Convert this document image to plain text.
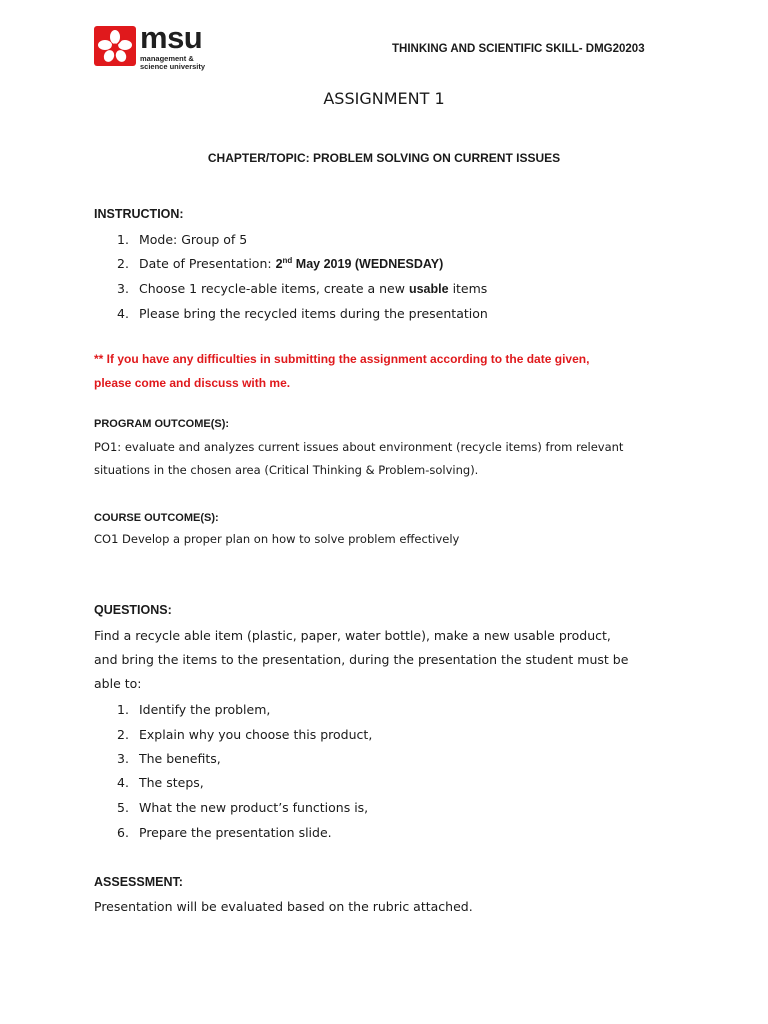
msu
management &
science university
THINKING AND SCIENTIFIC SKILL- DMG20203
ASSIGNMENT 1
CHAPTER/TOPIC: PROBLEM SOLVING ON CURRENT ISSUES
INSTRUCTION:
1. Mode: Group of 5
2. Date of Presentation: 2nd May 2019 (WEDNESDAY)
3. Choose 1 recycle-able items, create a new usable items
4. Please bring the recycled items during the presentation
** If you have any difficulties in submitting the assignment according to the date given,
please come and discuss with me.
PROGRAM OUTCOME(S):
PO1: evaluate and analyzes current issues about environment (recycle items) from relevant
situations in the chosen area (Critical Thinking & Problem-solving).
COURSE OUTCOME(S):
CO1 Develop a proper plan on how to solve problem effectively
QUESTIONS:
Find a recycle able item (plastic, paper, water bottle), make a new usable product,
and bring the items to the presentation, during the presentation the student must be
able to:
1. Identify the problem,
2. Explain why you choose this product,
3. The benefits,
4. The steps,
5. What the new product’s functions is,
6. Prepare the presentation slide.
ASSESSMENT:
Presentation will be evaluated based on the rubric attached.
